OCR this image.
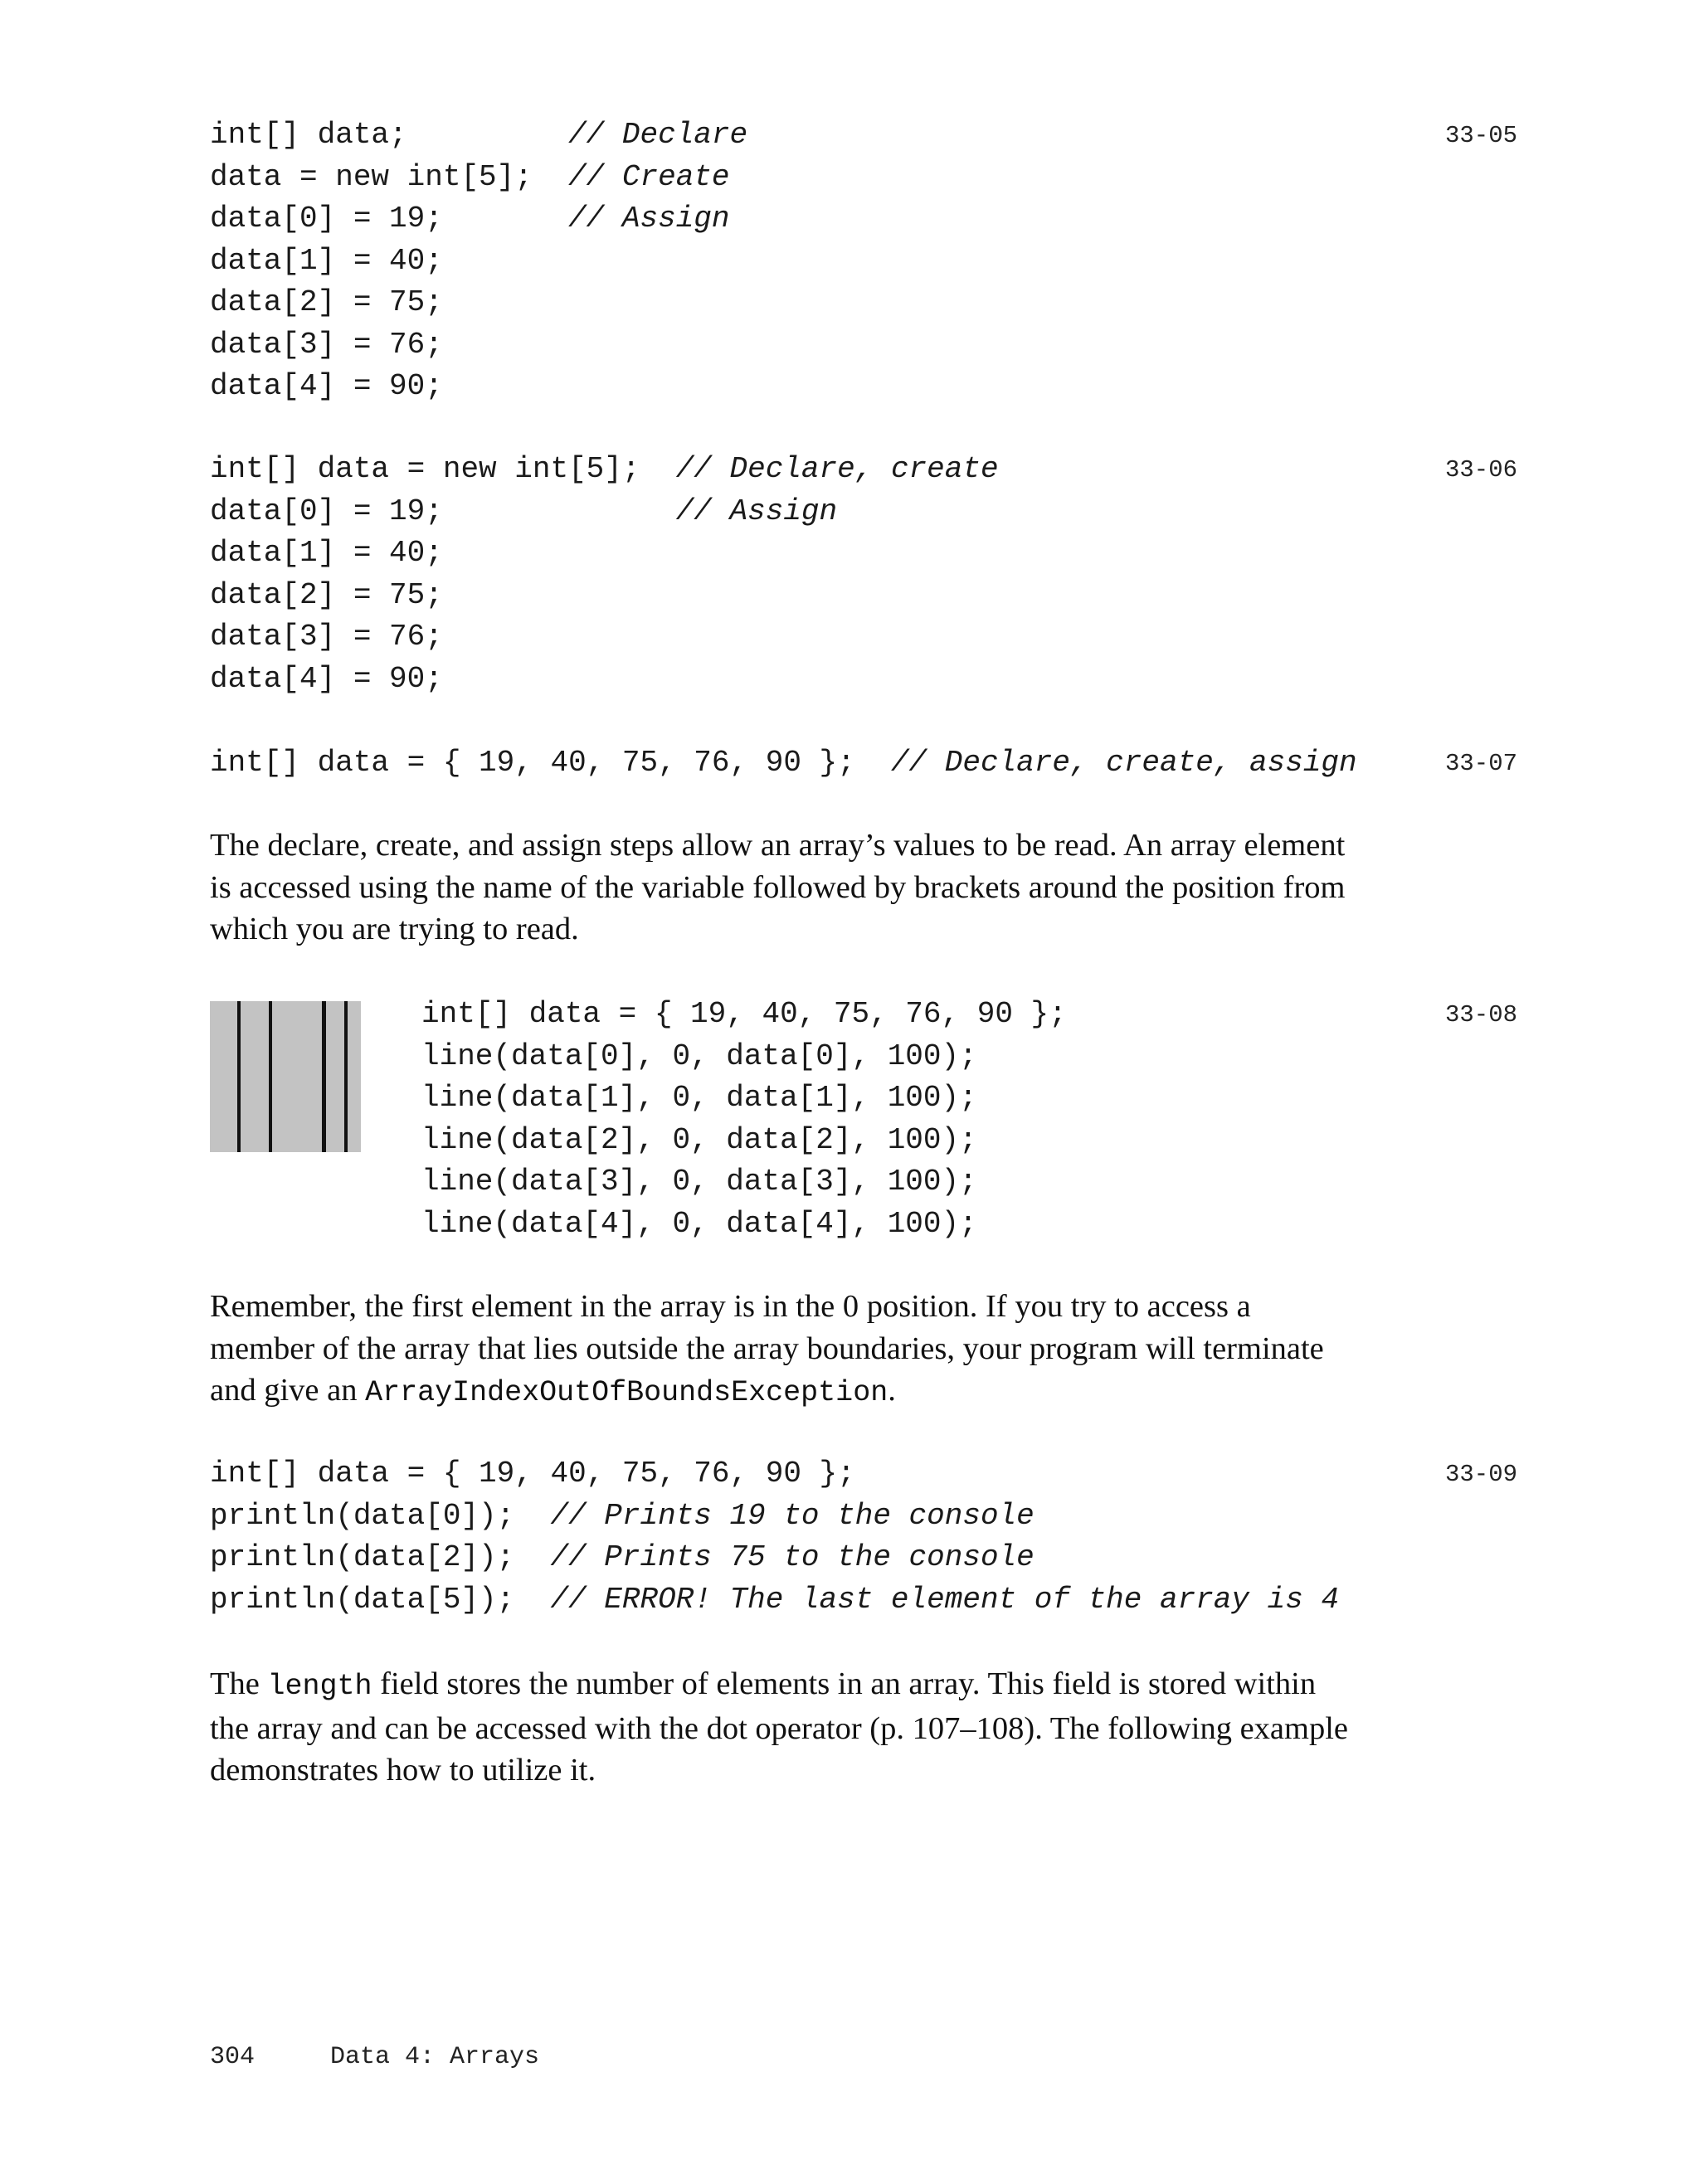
int[] data;         // Declare
data = new int[5];  // Create
data[0] = 19;       // Assign
data[1] = 40;
data[2] = 75;
data[3] = 76;
data[4] = 90;
33-05
int[] data = new int[5];  // Declare, create
data[0] = 19;             // Assign
data[1] = 40;
data[2] = 75;
data[3] = 76;
data[4] = 90;
33-06
int[] data = { 19, 40, 75, 76, 90 };  // Declare, create, assign	33-07
The declare, create, and assign steps allow an array’s values to be read. An array element
is accessed using the name of the variable followed by brackets around the position from
which you are trying to read.
int[] data = { 19, 40, 75, 76, 90 };
line(data[0], 0, data[0], 100);
line(data[1], 0, data[1], 100);
line(data[2], 0, data[2], 100);
line(data[3], 0, data[3], 100);
line(data[4], 0, data[4], 100);
33-08
Remember, the first element in the array is in the 0 position. If you try to access a
member of the array that lies outside the array boundaries, your program will terminate
and give an ArrayIndexOutOfBoundsException.
int[] data = { 19, 40, 75, 76, 90 };
println(data[0]);  // Prints 19 to the console
println(data[2]);  // Prints 75 to the console
println(data[5]);  // ERROR! The last element of the array is 4
33-09
The length field stores the number of elements in an array. This field is stored within
the array and can be accessed with the dot operator (p. 107–108). The following example
demonstrates how to utilize it.
304	Data 4: Arrays
